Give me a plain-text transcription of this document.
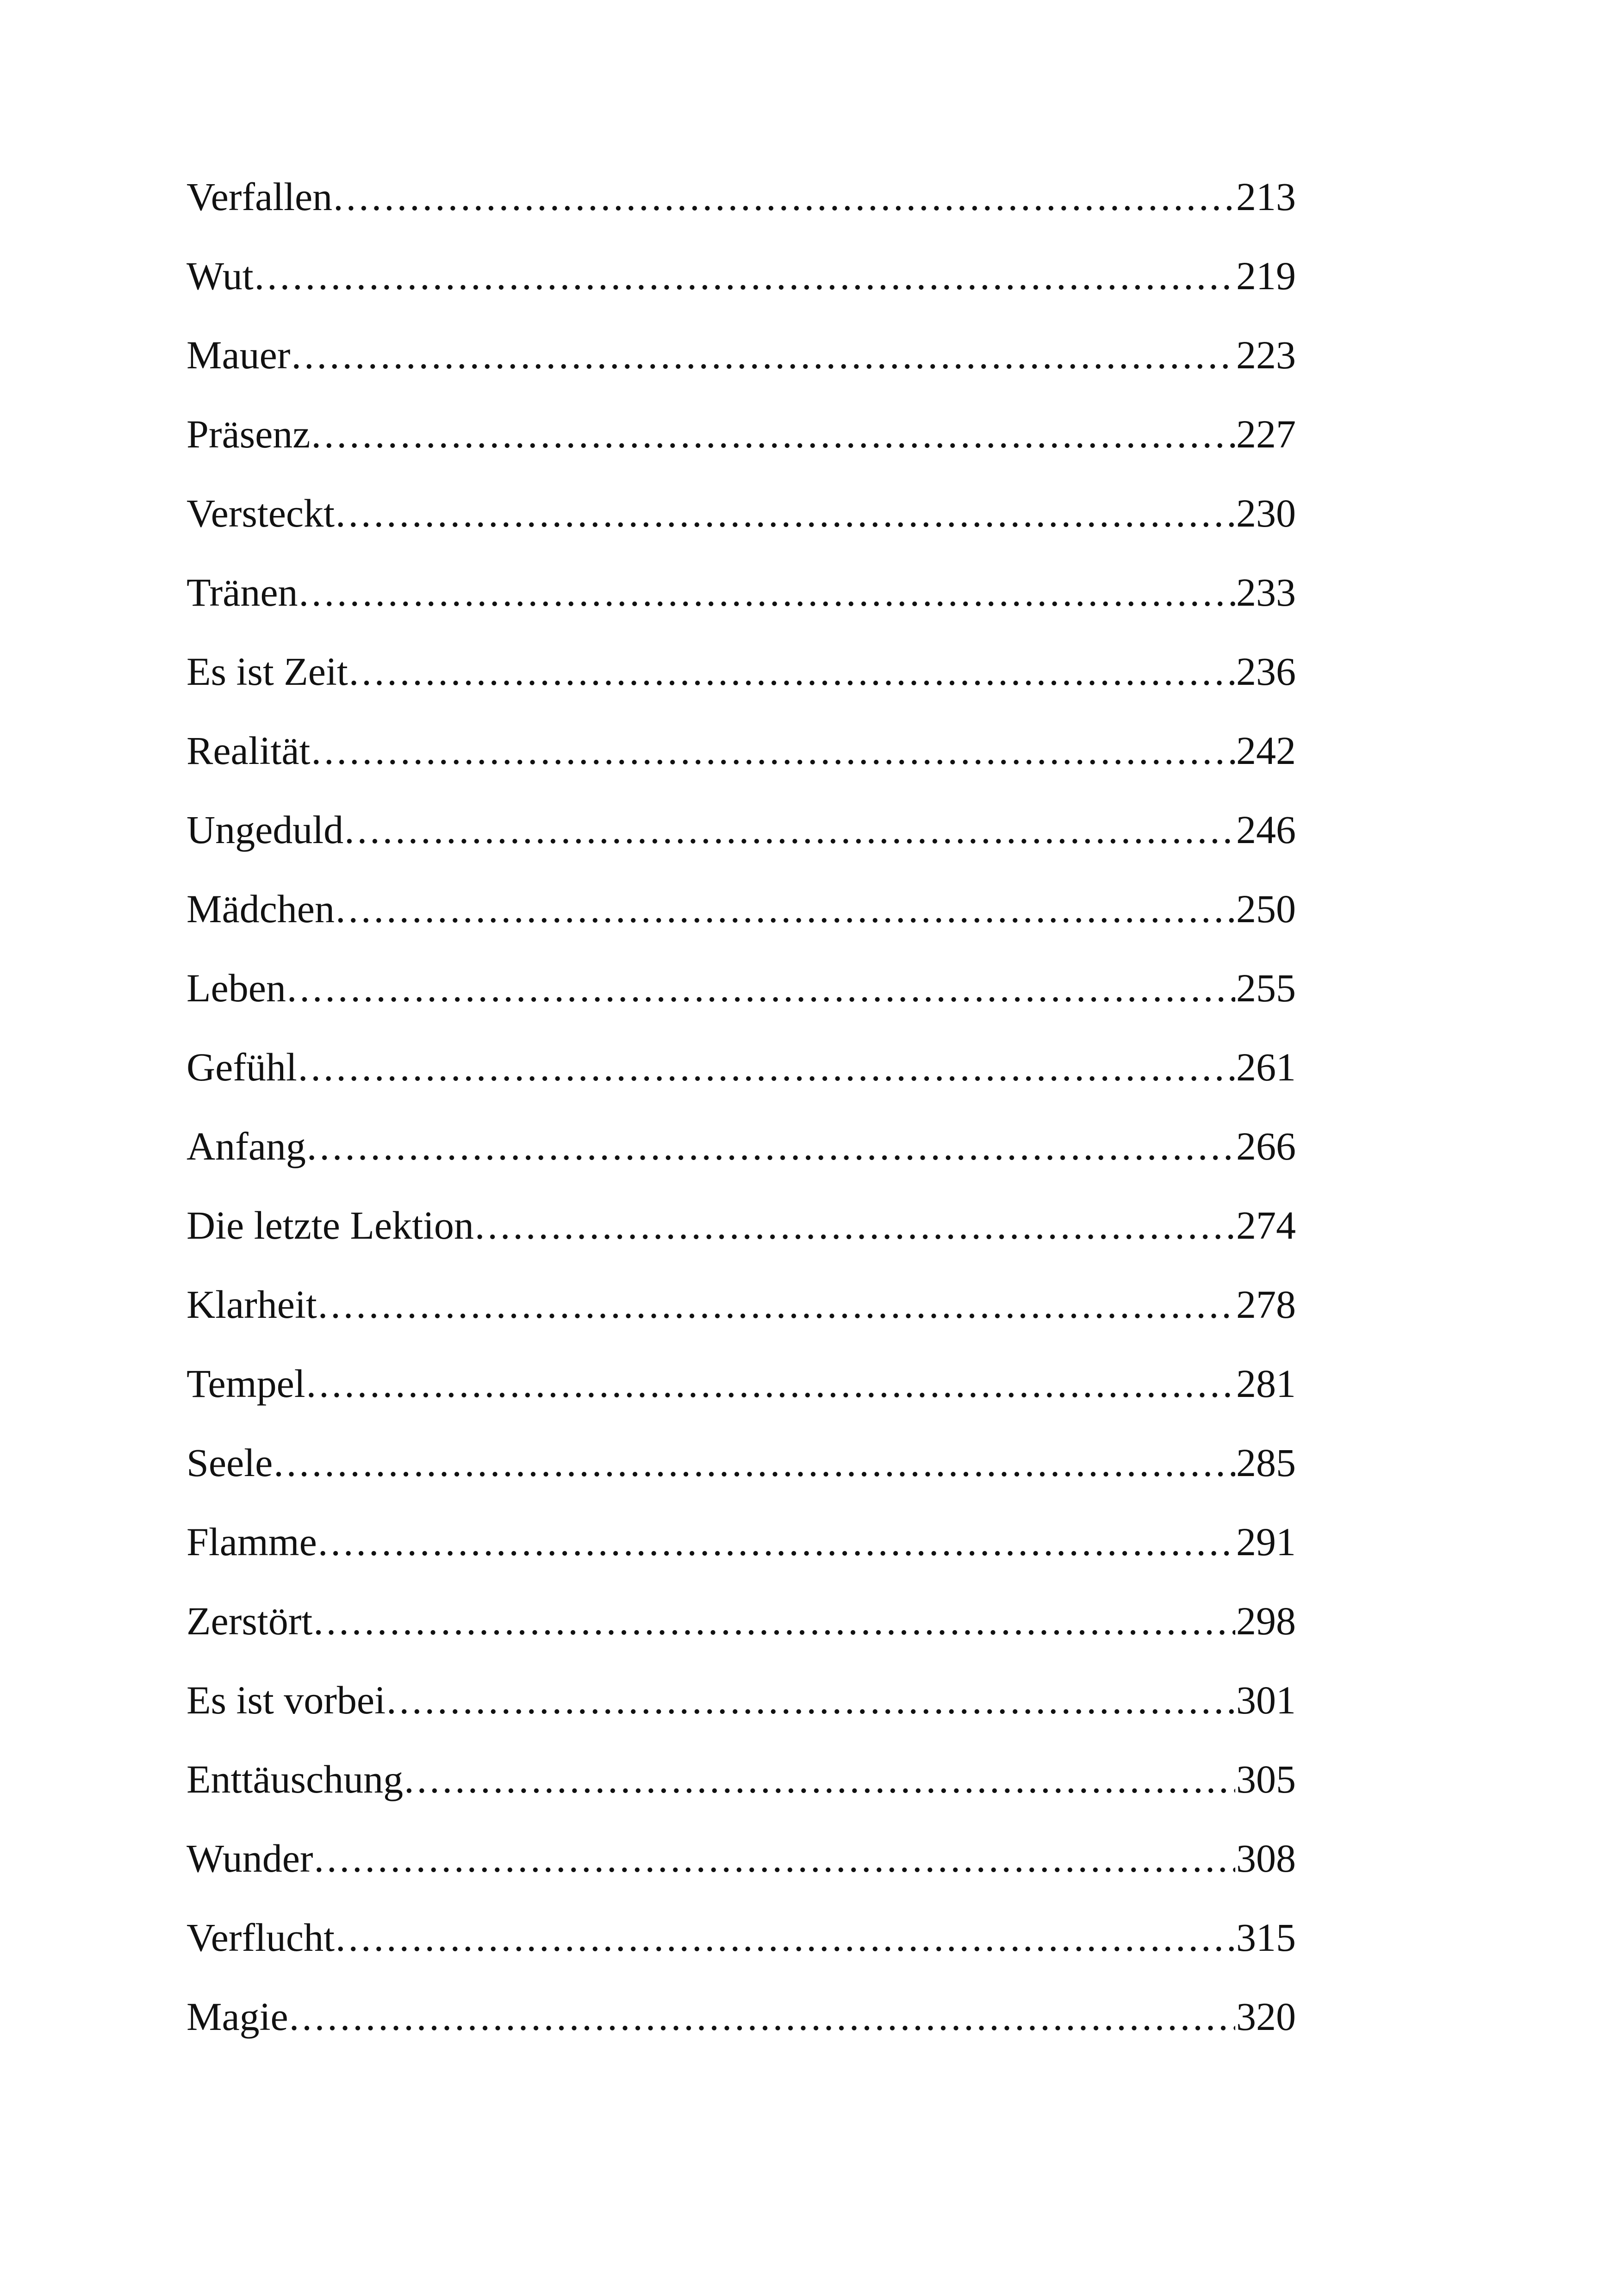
Verfallen .....	213
Wut .....	219
Mauer .....	223
Präsenz .....	227
Versteckt .....	230
Tränen .....	233
Es ist Zeit .....	236
Realität .....	242
Ungeduld .....	246
Mädchen .....	250
Leben .....	255
Gefühl .....	261
Anfang .....	266
Die letzte Lektion .....	274
Klarheit .....	278
Tempel .....	281
Seele .....	285
Flamme .....	291
Zerstört .....	298
Es ist vorbei .....	301
Enttäuschung .....	305
Wunder .....	308
Verflucht .....	315
Magie .....	320
